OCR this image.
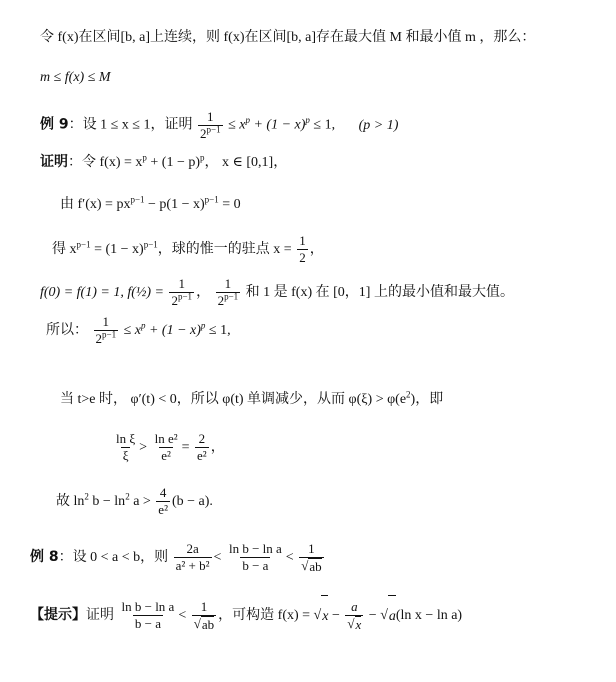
令 f(x)在区间[b, a]上连续，则 f(x)在区间[b, a]存在最大值 M 和最小值 m ，那么：
m ≤ f(x) ≤ M
例 9：设 1 ≤ x ≤ 1，证明 $\frac{1}{2^{p-1}} \le x^p + (1 - x)^p \le 1$, (p > 1)
证明：令 $f(x) = x^p + (1 - p)^p$， x ∈ [0,1]，
由 $f'(x) = px^{p-1} - p(1 - x)^{p-1} = 0$
得 $x^{p-1} = (1 - x)^{p-1}$，球的惟一的驻点 $x = \frac{1}{2}$ ，
f(0) = f(1) = 1, f(½) = $\frac{1}{2^{p-1}}$ ， $\frac{1}{2^{p-1}}$ 和 1 是 f(x) 在 [0，1] 上的最小值和最大值。
所以： $\frac{1}{2^{p-1}} \le x^p + (1 - x)^p \le 1$,
当 t>e 时， φ′(t) < 0，所以 φ(t) 单调减少，从而 $\varphi(\xi) > \varphi(e^2)$，即
$\frac{\text{ln ξ}}{\xi} > \frac{\text{ln e²}}{\text{e²}} = \frac{2}{\text{e²}}$ ，
故 $\ln^2 b - \ln^2 a > \frac{4}{\text{e²}} (b - a)$.
例 8：设 0 < a < b，则 $\frac{2a}{\text{a² + b²}} < \frac{\text{ln b − ln a}}{b - a} < \frac{1}{√ ab}$
【提示】证明 $\frac{\text{ln b − ln a}}{b - a} < \frac{1}{√ ab}$ ，可构造 f(x) = √ $x - \frac{a}{√ x}$ − √ a (ln x − ln a)
